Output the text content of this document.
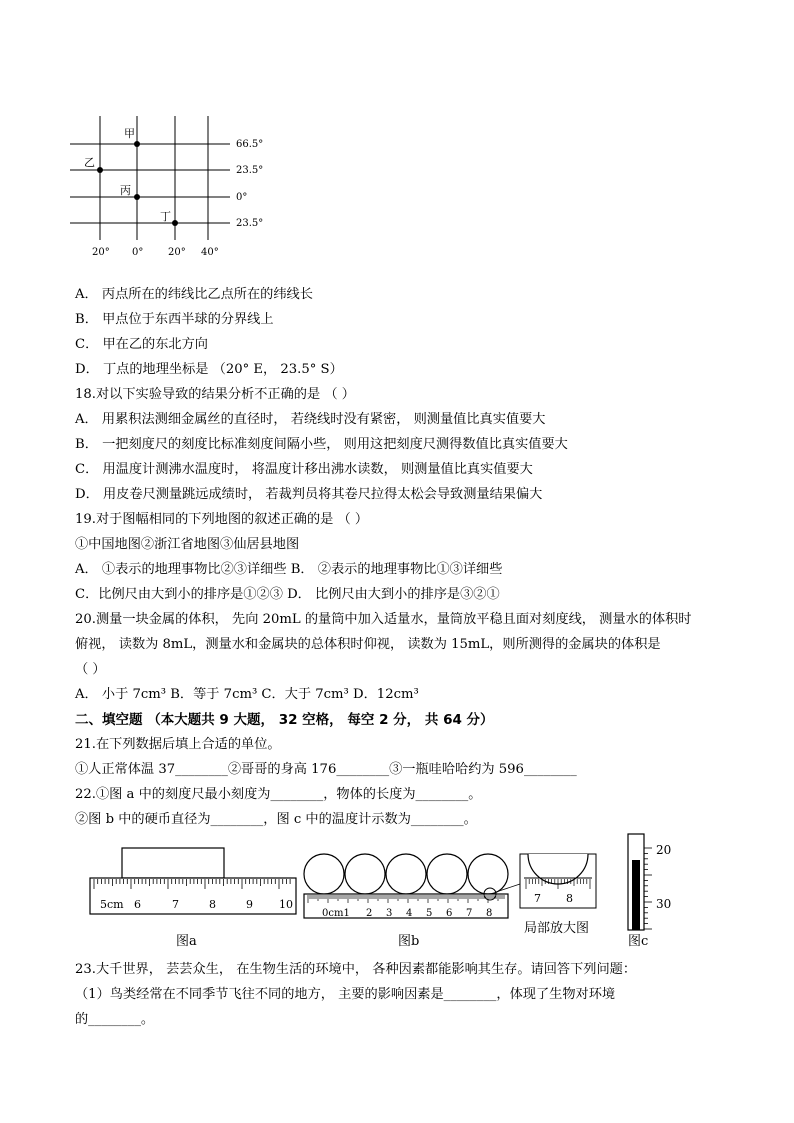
66.5°
23.5°
0°
23.5°
20° 0° 20° 40°
甲
乙
丙
丁
A． 丙点所在的纬线比乙点所在的纬线长
B． 甲点位于东西半球的分界线上
C． 甲在乙的东北方向
D． 丁点的地理坐标是 （20° E， 23.5° S）
18.对以下实验导致的结果分析不正确的是 （ ）
A． 用累积法测细金属丝的直径时， 若绕线时没有紧密， 则测量值比真实值要大
B． 一把刻度尺的刻度比标准刻度间隔小些， 则用这把刻度尺测得数值比真实值要大
C． 用温度计测沸水温度时， 将温度计移出沸水读数， 则测量值比真实值要大
D． 用皮卷尺测量跳远成绩时， 若裁判员将其卷尺拉得太松会导致测量结果偏大
19.对于图幅相同的下列地图的叙述正确的是 （ ）
①中国地图②浙江省地图③仙居县地图
A． ①表示的地理事物比②③详细些 B． ②表示的地理事物比①③详细些
C．比例尺由大到小的排序是①②③ D． 比例尺由大到小的排序是③②①
20.测量一块金属的体积， 先向 20mL 的量筒中加入适量水，量筒放平稳且面对刻度线， 测量水的体积时
俯视， 读数为 8mL，测量水和金属块的总体积时仰视， 读数为 15mL，则所测得的金属块的体积是
（ ）
A． 小于 7cm³ B．等于 7cm³ C．大于 7cm³ D．12cm³
二、填空题 （本大题共 9 大题， 32 空格， 每空 2 分， 共 64 分）
21.在下列数据后填上合适的单位。
①人正常体温 37________②哥哥的身高 176________③一瓶哇哈哈约为 596________
22.①图 a 中的刻度尺最小刻度为________，物体的长度为________。
②图 b 中的硬币直径为________，图 c 中的温度计示数为________。
5cm 6	7	8	9 10
图a
0cm1 2 3 4 5 6 7 8
7 8
图b
局部放大图
20
30
图c
23.大千世界， 芸芸众生， 在生物生活的环境中， 各种因素都能影响其生存。请回答下列问题：
（1）鸟类经常在不同季节飞往不同的地方， 主要的影响因素是________，体现了生物对环境
的________。
